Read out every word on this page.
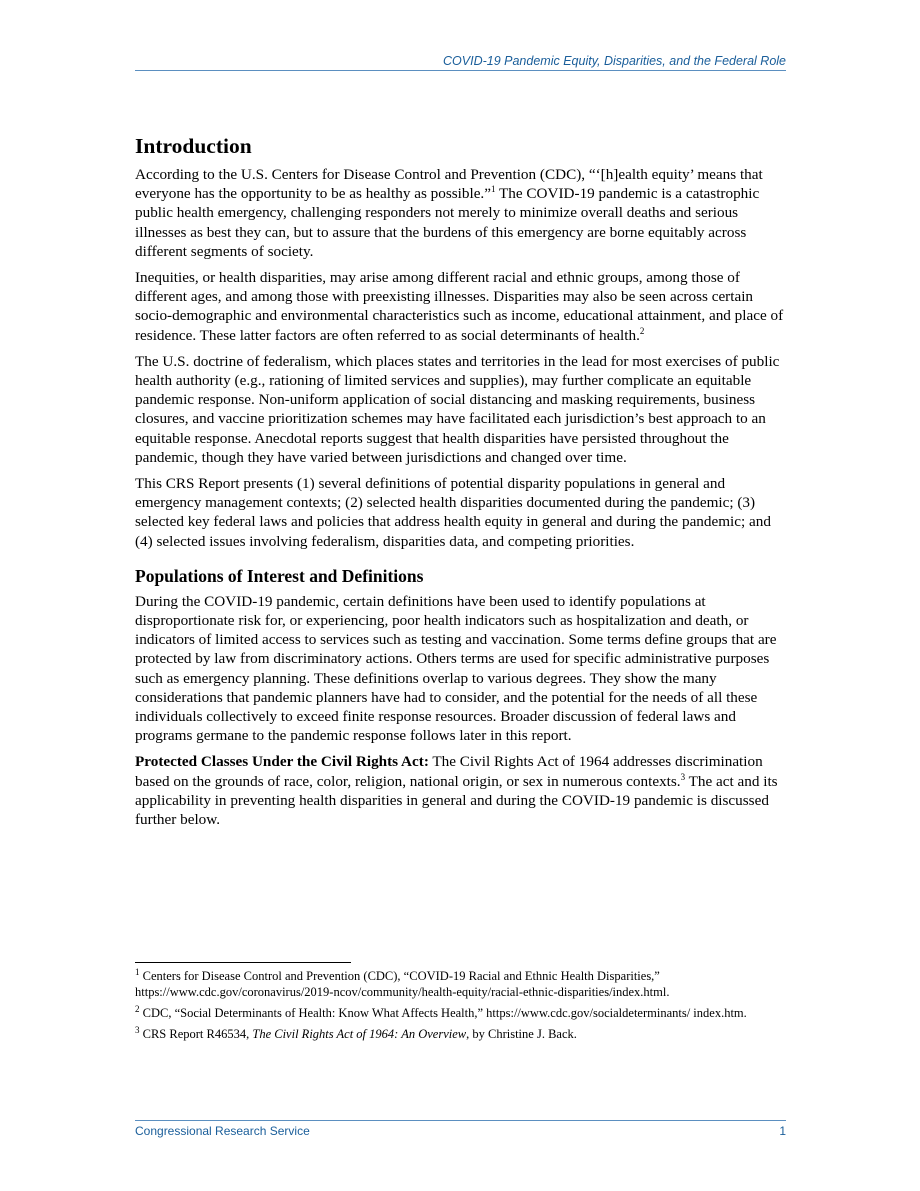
COVID-19 Pandemic Equity, Disparities, and the Federal Role
Introduction

According to the U.S. Centers for Disease Control and Prevention (CDC), “‘[h]ealth equity’ means that everyone has the opportunity to be as healthy as possible.”$^1$ The COVID-19 pandemic is a catastrophic public health emergency, challenging responders not merely to minimize overall deaths and serious illnesses as best they can, but to assure that the burdens of this emergency are borne equitably across different segments of society.

Inequities, or health disparities, may arise among different racial and ethnic groups, among those of different ages, and among those with preexisting illnesses. Disparities may also be seen across certain socio-demographic and environmental characteristics such as income, educational attainment, and place of residence. These latter factors are often referred to as social determinants of health.$^2$

The U.S. doctrine of federalism, which places states and territories in the lead for most exercises of public health authority (e.g., rationing of limited services and supplies), may further complicate an equitable pandemic response. Non-uniform application of social distancing and masking requirements, business closures, and vaccine prioritization schemes may have facilitated each jurisdiction’s best approach to an equitable response. Anecdotal reports suggest that health disparities have persisted throughout the pandemic, though they have varied between jurisdictions and changed over time.

This CRS Report presents (1) several definitions of potential disparity populations in general and emergency management contexts; (2) selected health disparities documented during the pandemic; (3) selected key federal laws and policies that address health equity in general and during the pandemic; and (4) selected issues involving federalism, disparities data, and competing priorities.

Populations of Interest and Definitions

During the COVID-19 pandemic, certain definitions have been used to identify populations at disproportionate risk for, or experiencing, poor health indicators such as hospitalization and death, or indicators of limited access to services such as testing and vaccination. Some terms define groups that are protected by law from discriminatory actions. Others terms are used for specific administrative purposes such as emergency planning. These definitions overlap to various degrees. They show the many considerations that pandemic planners have had to consider, and the potential for the needs of all these individuals collectively to exceed finite response resources. Broader discussion of federal laws and programs germane to the pandemic response follows later in this report.

Protected Classes Under the Civil Rights Act: The Civil Rights Act of 1964 addresses discrimination based on the grounds of race, color, religion, national origin, or sex in numerous contexts.$^3$ The act and its applicability in preventing health disparities in general and during the COVID-19 pandemic is discussed further below.

$^1$ Centers for Disease Control and Prevention (CDC), “COVID-19 Racial and Ethnic Health Disparities,” https://www.cdc.gov/coronavirus/2019-ncov/community/health-equity/racial-ethnic-disparities/index.html.

$^2$ CDC, “Social Determinants of Health: Know What Affects Health,” https://www.cdc.gov/socialdeterminants/ index.htm.

$^3$ CRS Report R46534, The Civil Rights Act of 1964: An Overview, by Christine J. Back.

Congressional Research Service	1
